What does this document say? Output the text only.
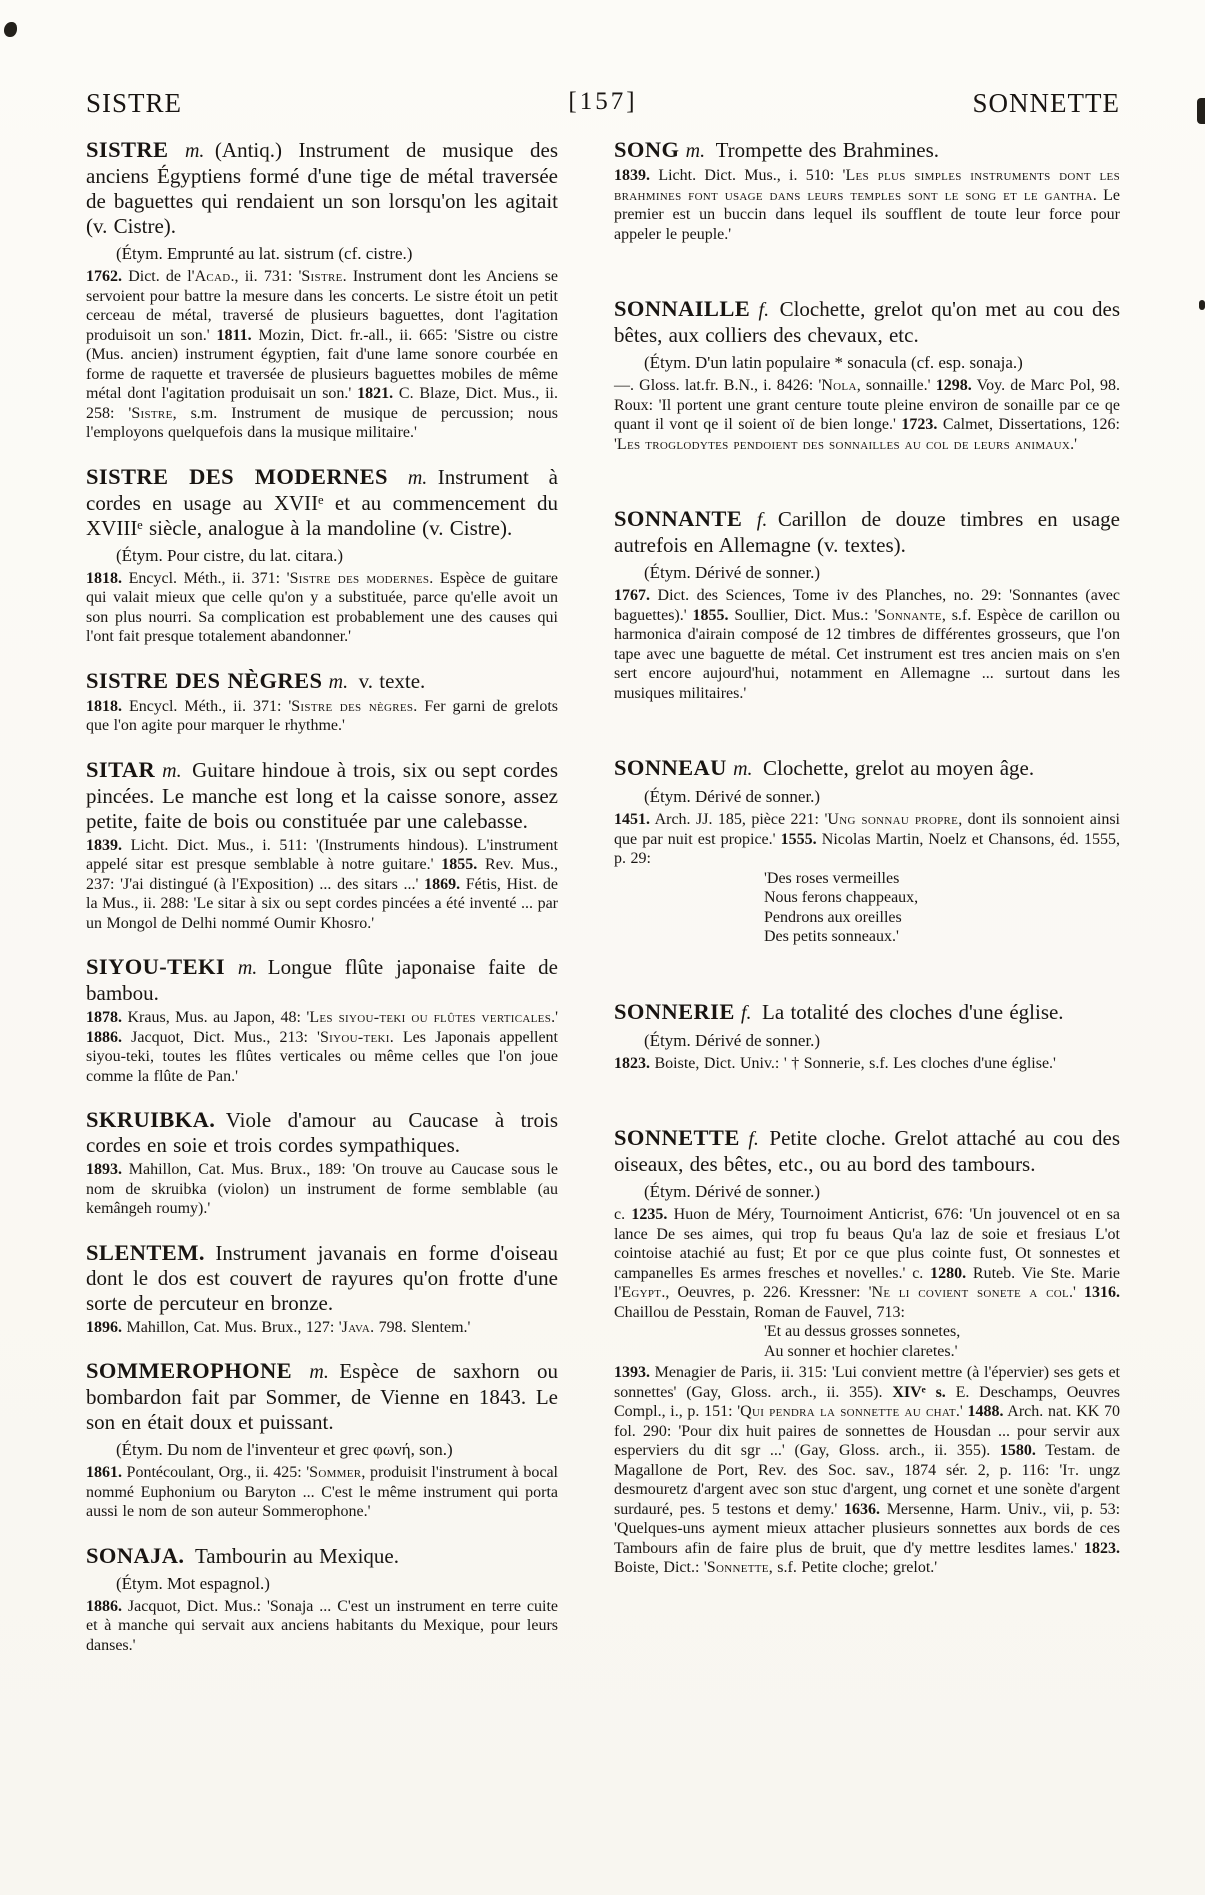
SISTRE	[157]	SONNETTE

SISTRE m.  (Antiq.) Instrument de musique des anciens Égyptiens formé d'une tige de métal traversée de baguettes qui rendaient un son lorsqu'on les agitait (v. Cistre).

(Étym. Emprunté au lat. sistrum (cf. cistre.)

1762. Dict. de l'Acad., ii. 731: 'Sistre. Instrument dont les Anciens se servoient pour battre la mesure dans les concerts. Le sistre étoit un petit cerceau de métal, traversé de plusieurs baguettes, dont l'agitation produisoit un son.' 1811. Mozin, Dict. fr.-all., ii. 665: 'Sistre ou cistre (Mus. ancien) instrument égyptien, fait d'une lame sonore courbée en forme de raquette et traversée de plusieurs baguettes mobiles de même métal dont l'agitation produisait un son.' 1821. C. Blaze, Dict. Mus., ii. 258: 'Sistre, s.m. Instrument de musique de percussion; nous l'employons quelquefois dans la musique militaire.'

SISTRE DES MODERNES m.  Instrument à cordes en usage au XVIIᵉ et au commencement du XVIIIᵉ siècle, analogue à la mandoline (v. Cistre).

(Étym. Pour cistre, du lat. citara.)

1818. Encycl. Méth., ii. 371: 'Sistre des modernes. Espèce de guitare qui valait mieux que celle qu'on y a substituée, parce qu'elle avoit un son plus nourri. Sa complication est probablement une des causes qui l'ont fait presque totalement abandonner.'

SISTRE DES NÈGRES m.  v. texte.

1818. Encycl. Méth., ii. 371: 'Sistre des nègres. Fer garni de grelots que l'on agite pour marquer le rhythme.'

SITAR m.  Guitare hindoue à trois, six ou sept cordes pincées. Le manche est long et la caisse sonore, assez petite, faite de bois ou constituée par une calebasse.

1839. Licht. Dict. Mus., i. 511: '(Instruments hindous). L'instrument appelé sitar est presque semblable à notre guitare.' 1855. Rev. Mus., 237: 'J'ai distingué (à l'Exposition) ... des sitars ...' 1869. Fétis, Hist. de la Mus., ii. 288: 'Le sitar à six ou sept cordes pincées a été inventé ... par un Mongol de Delhi nommé Oumir Khosro.'

SIYOU-TEKI m.  Longue flûte japonaise faite de bambou.

1878. Kraus, Mus. au Japon, 48: 'Les siyou-teki ou flûtes verticales.' 1886. Jacquot, Dict. Mus., 213: 'Siyou-teki. Les Japonais appellent siyou-teki, toutes les flûtes verticales ou même celles que l'on joue comme la flûte de Pan.'

SKRUIBKA.  Viole d'amour au Caucase à trois cordes en soie et trois cordes sympathiques.

1893. Mahillon, Cat. Mus. Brux., 189: 'On trouve au Caucase sous le nom de skruibka (violon) un instrument de forme semblable (au kemângeh roumy).'

SLENTEM.  Instrument javanais en forme d'oiseau dont le dos est couvert de rayures qu'on frotte d'une sorte de percuteur en bronze.

1896. Mahillon, Cat. Mus. Brux., 127: 'Java. 798. Slentem.'

SOMMEROPHONE m.  Espèce de saxhorn ou bombardon fait par Sommer, de Vienne en 1843. Le son en était doux et puissant.

(Étym. Du nom de l'inventeur et grec φωνή, son.)

1861. Pontécoulant, Org., ii. 425: 'Sommer, produisit l'instrument à bocal nommé Euphonium ou Baryton ... C'est le même instrument qui porta aussi le nom de son auteur Sommerophone.'

SONAJA.  Tambourin au Mexique.

(Étym. Mot espagnol.)

1886. Jacquot, Dict. Mus.: 'Sonaja ... C'est un instrument en terre cuite et à manche qui servait aux anciens habitants du Mexique, pour leurs danses.'

SONG m.  Trompette des Brahmines.

1839. Licht. Dict. Mus., i. 510: 'Les plus simples instruments dont les brahmines font usage dans leurs temples sont le song et le gantha. Le premier est un buccin dans lequel ils soufflent de toute leur force pour appeler le peuple.'

SONNAILLE f.  Clochette, grelot qu'on met au cou des bêtes, aux colliers des chevaux, etc.

(Étym. D'un latin populaire * sonacula (cf. esp. sonaja.)

—. Gloss. lat.fr. B.N., i. 8426: 'Nola, sonnaille.' 1298. Voy. de Marc Pol, 98. Roux: 'Il portent une grant centure toute pleine environ de sonaille par ce qe quant il vont qe il soient oï de bien longe.' 1723. Calmet, Dissertations, 126: 'Les troglodytes pendoient des sonnailles au col de leurs animaux.'

SONNANTE f.  Carillon de douze timbres en usage autrefois en Allemagne (v. textes).

(Étym. Dérivé de sonner.)

1767. Dict. des Sciences, Tome iv des Planches, no. 29: 'Sonnantes (avec baguettes).' 1855. Soullier, Dict. Mus.: 'Sonnante, s.f. Espèce de carillon ou harmonica d'airain composé de 12 timbres de différentes grosseurs, que l'on tape avec une baguette de métal. Cet instrument est tres ancien mais on s'en sert encore aujourd'hui, notamment en Allemagne ... surtout dans les musiques militaires.'

SONNEAU m.  Clochette, grelot au moyen âge.

(Étym. Dérivé de sonner.)

1451. Arch. JJ. 185, pièce 221: 'Ung sonnau propre, dont ils sonnoient ainsi que par nuit est propice.' 1555. Nicolas Martin, Noelz et Chansons, éd. 1555, p. 29:

'Des roses vermeilles
Nous ferons chappeaux,
Pendrons aux oreilles
Des petits sonneaux.'

SONNERIE f.  La totalité des cloches d'une église.

(Étym. Dérivé de sonner.)

1823. Boiste, Dict. Univ.: ' † Sonnerie, s.f. Les cloches d'une église.'

SONNETTE f.  Petite cloche. Grelot attaché au cou des oiseaux, des bêtes, etc., ou au bord des tambours.

(Étym. Dérivé de sonner.)

c. 1235. Huon de Méry, Tournoiment Anticrist, 676: 'Un jouvencel ot en sa lance De ses aimes, qui trop fu beaus Qu'a laz de soie et fresiaus L'ot cointoise atachié au fust; Et por ce que plus cointe fust, Ot sonnestes et campanelles Es armes fresches et novelles.' c. 1280. Ruteb. Vie Ste. Marie l'Egypt., Oeuvres, p. 226. Kressner: 'Ne li covient sonete a col.' 1316. Chaillou de Pesstain, Roman de Fauvel, 713:

'Et au dessus grosses sonnetes,
Au sonner et hochier claretes.'

1393. Menagier de Paris, ii. 315: 'Lui convient mettre (à l'épervier) ses gets et sonnettes' (Gay, Gloss. arch., ii. 355). XIVᵉ s. E. Deschamps, Oeuvres Compl., i., p. 151: 'Qui pendra la sonnette au chat.' 1488. Arch. nat. KK 70 fol. 290: 'Pour dix huit paires de sonnettes de Housdan ... pour servir aux esperviers du dit sgr ...' (Gay, Gloss. arch., ii. 355). 1580. Testam. de Magallone de Port, Rev. des Soc. sav., 1874 sér. 2, p. 116: 'It. ungz desmouretz d'argent avec son stuc d'argent, ung cornet et une sonète d'argent surdauré, pes. 5 testons et demy.' 1636. Mersenne, Harm. Univ., vii, p. 53: 'Quelques-uns ayment mieux attacher plusieurs sonnettes aux bords de ces Tambours afin de faire plus de bruit, que d'y mettre lesdites lames.' 1823. Boiste, Dict.: 'Sonnette, s.f. Petite cloche; grelot.'
